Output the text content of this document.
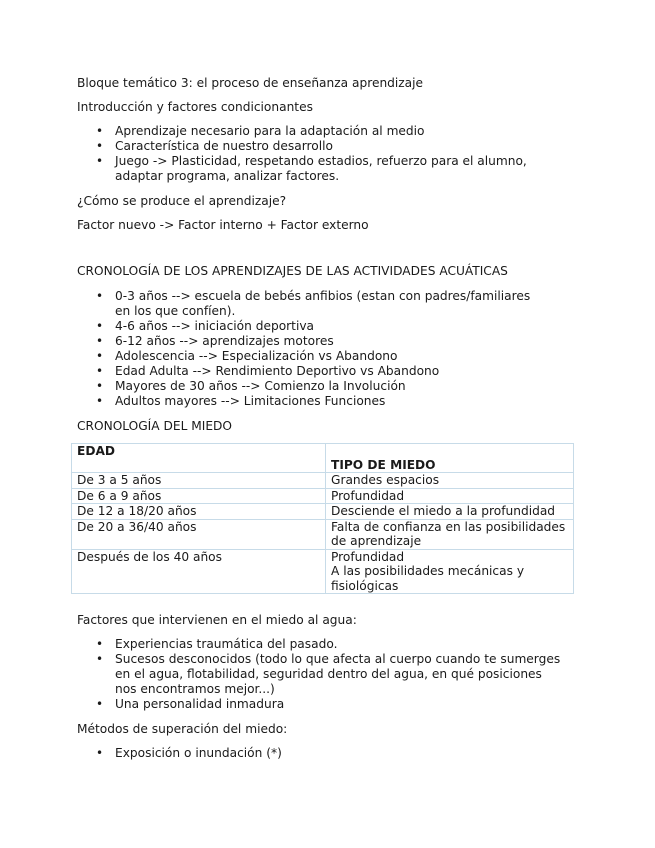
Bloque temático 3: el proceso de enseñanza aprendizaje
Introducción y factores condicionantes
• Aprendizaje necesario para la adaptación al medio
• Característica de nuestro desarrollo
• Juego -> Plasticidad, respetando estadios, refuerzo para el alumno, adaptar programa, analizar factores.
¿Cómo se produce el aprendizaje?
Factor nuevo -> Factor interno + Factor externo
CRONOLOGÍA DE LOS APRENDIZAJES DE LAS ACTIVIDADES ACUÁTICAS
• 0-3 años --> escuela de bebés anfibios (estan con padres/familiares en los que confíen).
• 4-6 años --> iniciación deportiva
• 6-12 años --> aprendizajes motores
• Adolescencia --> Especialización vs Abandono
• Edad Adulta --> Rendimiento Deportivo vs Abandono
• Mayores de 30 años --> Comienzo la Involución
• Adultos mayores --> Limitaciones Funciones
CRONOLOGÍA DEL MIEDO
EDAD	TIPO DE MIEDO
De 3 a 5 años	Grandes espacios
De 6 a 9 años	Profundidad
De 12 a 18/20 años	Desciende el miedo a la profundidad
De 20 a 36/40 años	Falta de confianza en las posibilidades
de aprendizaje
Después de los 40 años	Profundidad
A las posibilidades mecánicas y
fisiológicas
Factores que intervienen en el miedo al agua:
• Experiencias traumática del pasado.
• Sucesos desconocidos (todo lo que afecta al cuerpo cuando te sumerges en el agua, flotabilidad, seguridad dentro del agua, en qué posiciones nos encontramos mejor...)
• Una personalidad inmadura
Métodos de superación del miedo:
• Exposición o inundación (*)
